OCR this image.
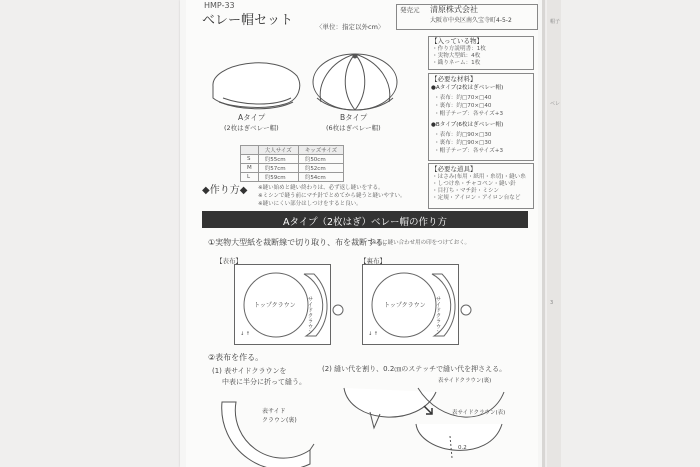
帽子
ベレ
3
HMP-33
ベレー帽セット	〈単位：指定以外cm〉
発売元 清原株式会社
大阪市中央区南久宝寺町4-5-2
【入っている物】
・作り方説明書：1枚
・実物大型紙：4枚
・織りネーム：1枚
【必要な材料】
●Aタイプ(2枚はぎベレー帽)
・表布：約□70×□40
・裏布：約□70×□40
・帽子テープ：各サイズ+3
●Bタイプ(6枚はぎベレー帽)
・表布：約□90×□30
・裏布：約□90×□30
・帽子テープ：各サイズ+3
【必要な道具】
・はさみ(布用・紙用・糸切)・縫い糸
・しつけ糸・チャコペン・縫い針
・目打ち・マチ針・ミシン
・定規・アイロン・アイロン台など
Aタイプ
(2枚はぎベレー帽)
Bタイプ
(6枚はぎベレー帽)
	大人サイズ	キッズサイズ
S	約55cm	約50cm
M	約57cm	約52cm
L	約59cm	約54cm
◆作り方◆ ※縫い始めと縫い終わりは、必ず返し縫いをする。
※ミシンで縫う前にマチ針でとめてから縫うと縫いやすい。
※縫いにくい部分はしつけをすると良い。
Aタイプ（2枚はぎ）ベレー帽の作り方
①実物大型紙を裁断線で切り取り、布を裁断する。
※布に縫い合わせ用の印をつけておく。
【表布】	【裏布】
トップクラウン サイドクラウン
↓ ↑
トップクラウン サイドクラウン
↓ ↑
②表布を作る。
(1) 表サイドクラウンを
中表に半分に折って縫う。
(2) 縫い代を割り、0.2㎝のステッチで縫い代を押さえる。
表サイド
クラウン(裏)
表サイドクラウン(裏)
表サイドクラウン(表)
0.2
